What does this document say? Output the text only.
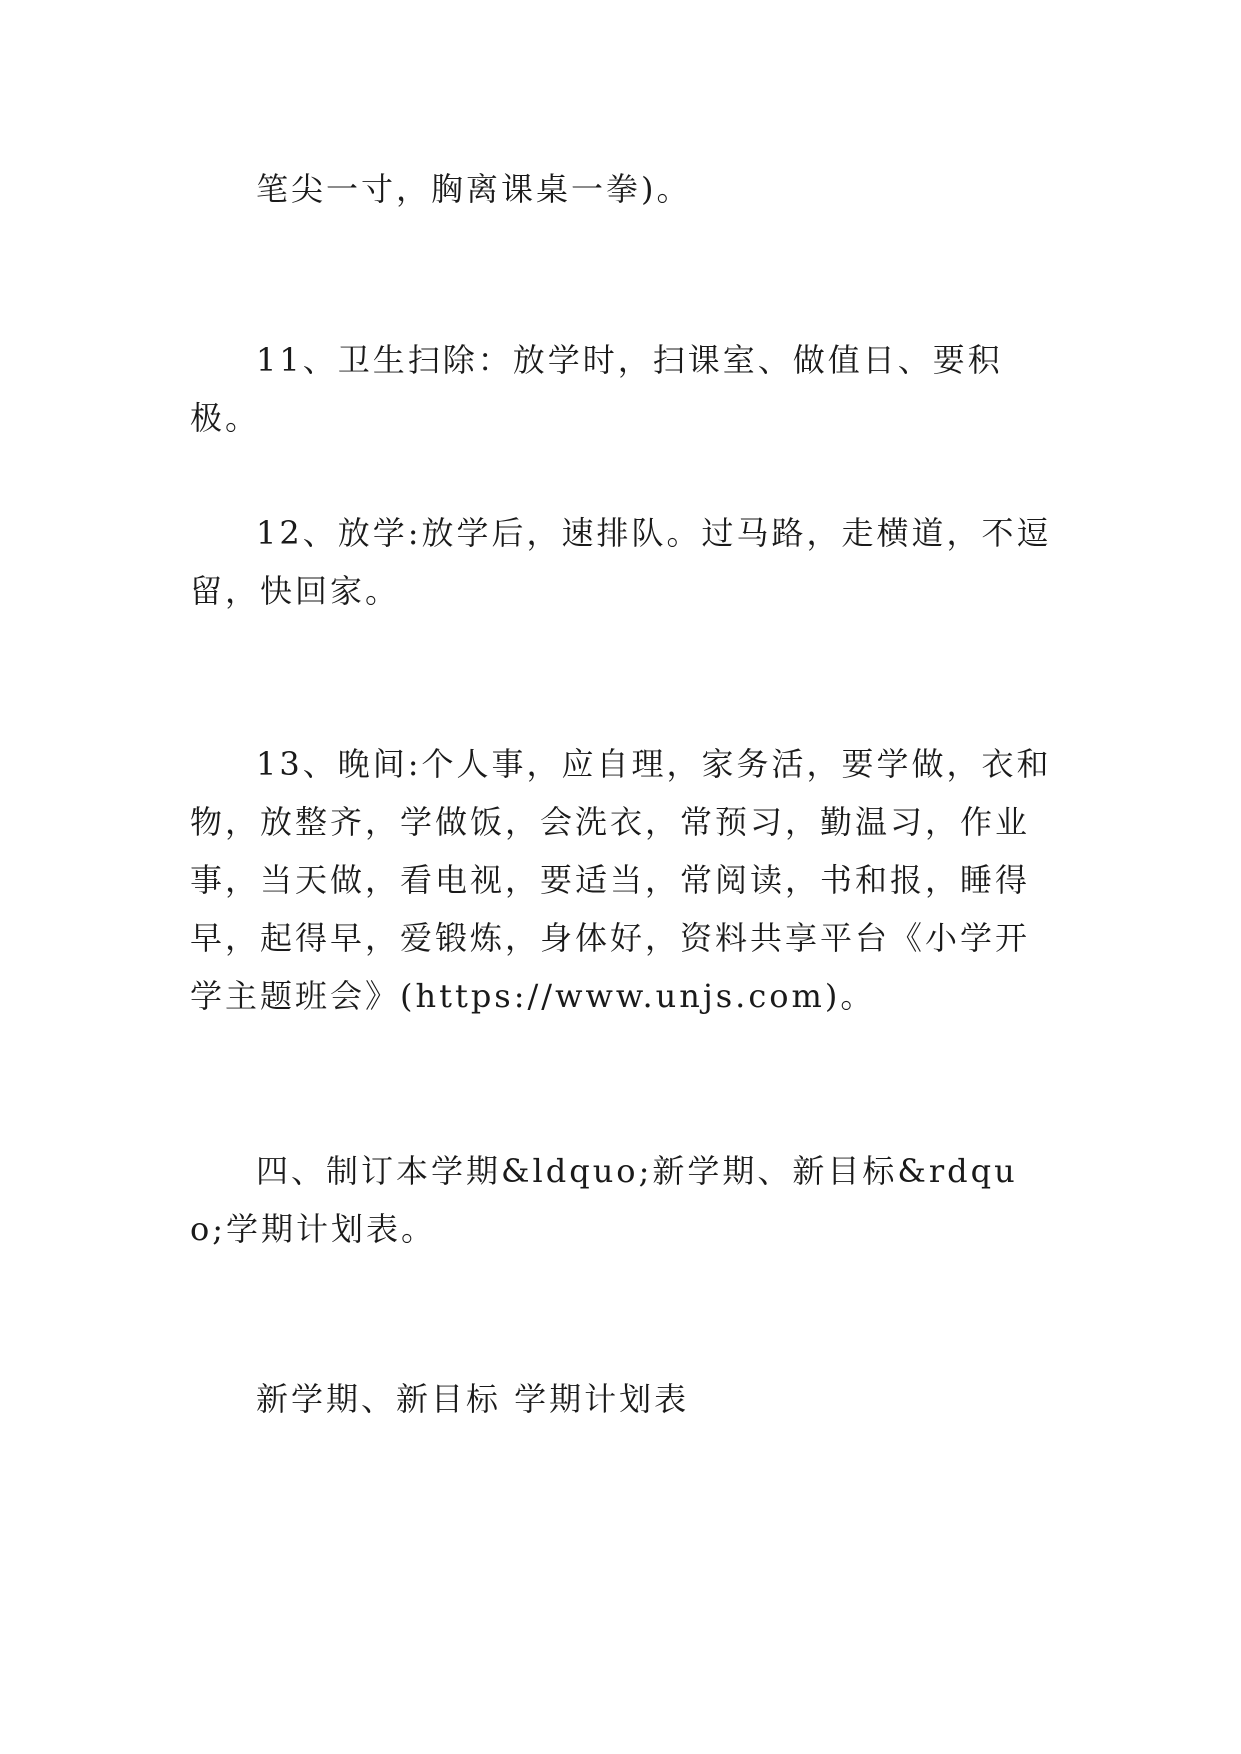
笔尖一寸，胸离课桌一拳)。

11、卫生扫除：放学时，扫课室、做值日、要积极。

12、放学:放学后，速排队。过马路，走横道，不逗留，快回家。

13、晚间:个人事，应自理，家务活，要学做，衣和物，放整齐，学做饭，会洗衣，常预习，勤温习，作业事，当天做，看电视，要适当，常阅读，书和报，睡得早，起得早，爱锻炼，身体好，资料共享平台《小学开学主题班会》(https://www.unjs.com)。

四、制订本学期&ldquo;新学期、新目标&rdquo;学期计划表。

新学期、新目标 学期计划表
